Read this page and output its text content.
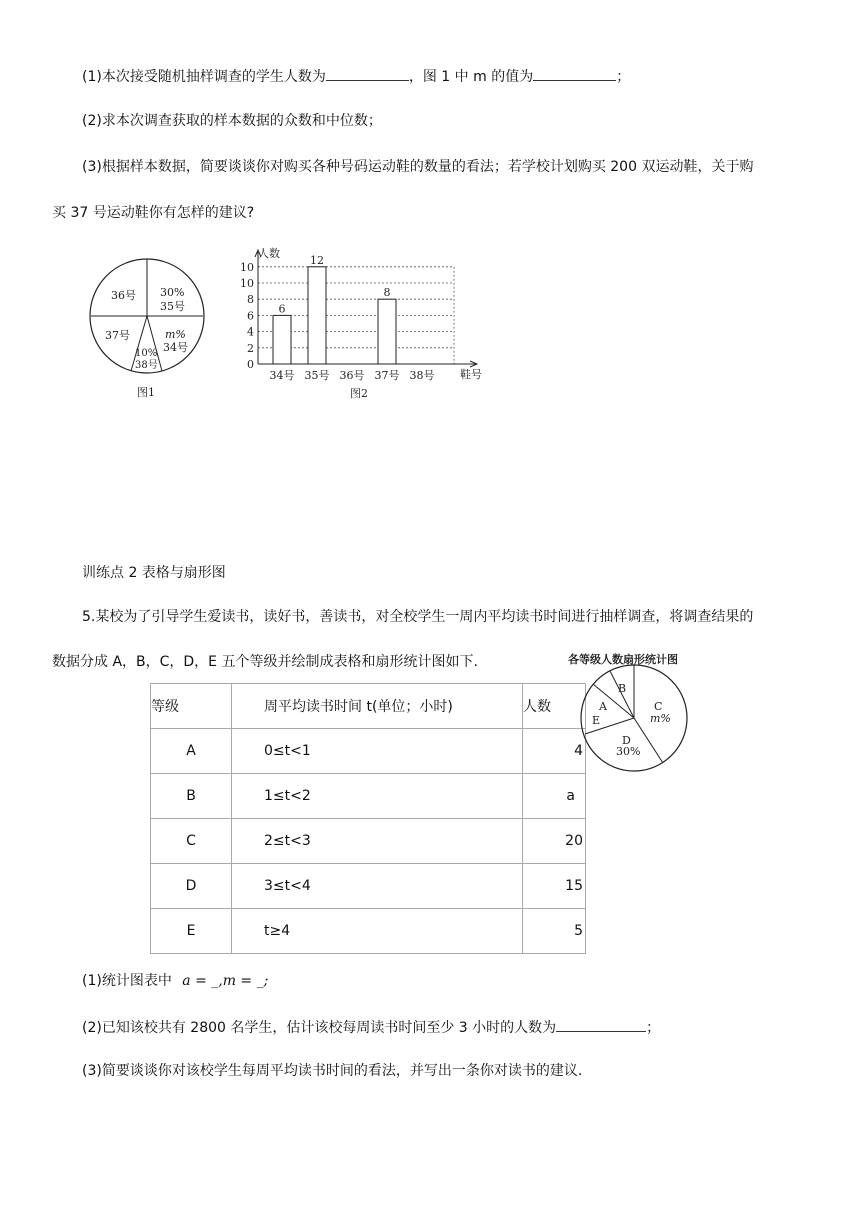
(1)本次接受随机抽样调查的学生人数为	，图 1 中 m 的值为	；
(2)求本次调查获取的样本数据的众数和中位数；
(3)根据样本数据，简要谈谈你对购买各种号码运动鞋的数量的看法；若学校计划购买 200 双运动鞋，关于购
买 37 号运动鞋你有怎样的建议?
36号 30%
35号
37号	m%
34号
10%
38号
图1
人数
鞋号
图2
0
2
4
6
8
10
10
34号
6
35号
12
36号 37号
8
38号
训练点 2 表格与扇形图
5.某校为了引导学生爱读书，读好书，善读书，对全校学生一周内平均读书时间进行抽样调查，将调查结果的
数据分成 A，B，C，D，E 五个等级并绘制成表格和扇形统计图如下.
等级	周平均读书时间 t(单位；小时)	人数
A	0≤t<1	4
B	1≤t<2	a
C	2≤t<3	20
D	3≤t<4	15
E	t≥4	5
各等级人数扇形统计图
B
A
E
C
m%
D
30%
(1)统计图表中 a = _,m = _;
(2)已知该校共有 2800 名学生，估计该校每周读书时间至少 3 小时的人数为	；
(3)简要谈谈你对该校学生每周平均读书时间的看法，并写出一条你对读书的建议.
